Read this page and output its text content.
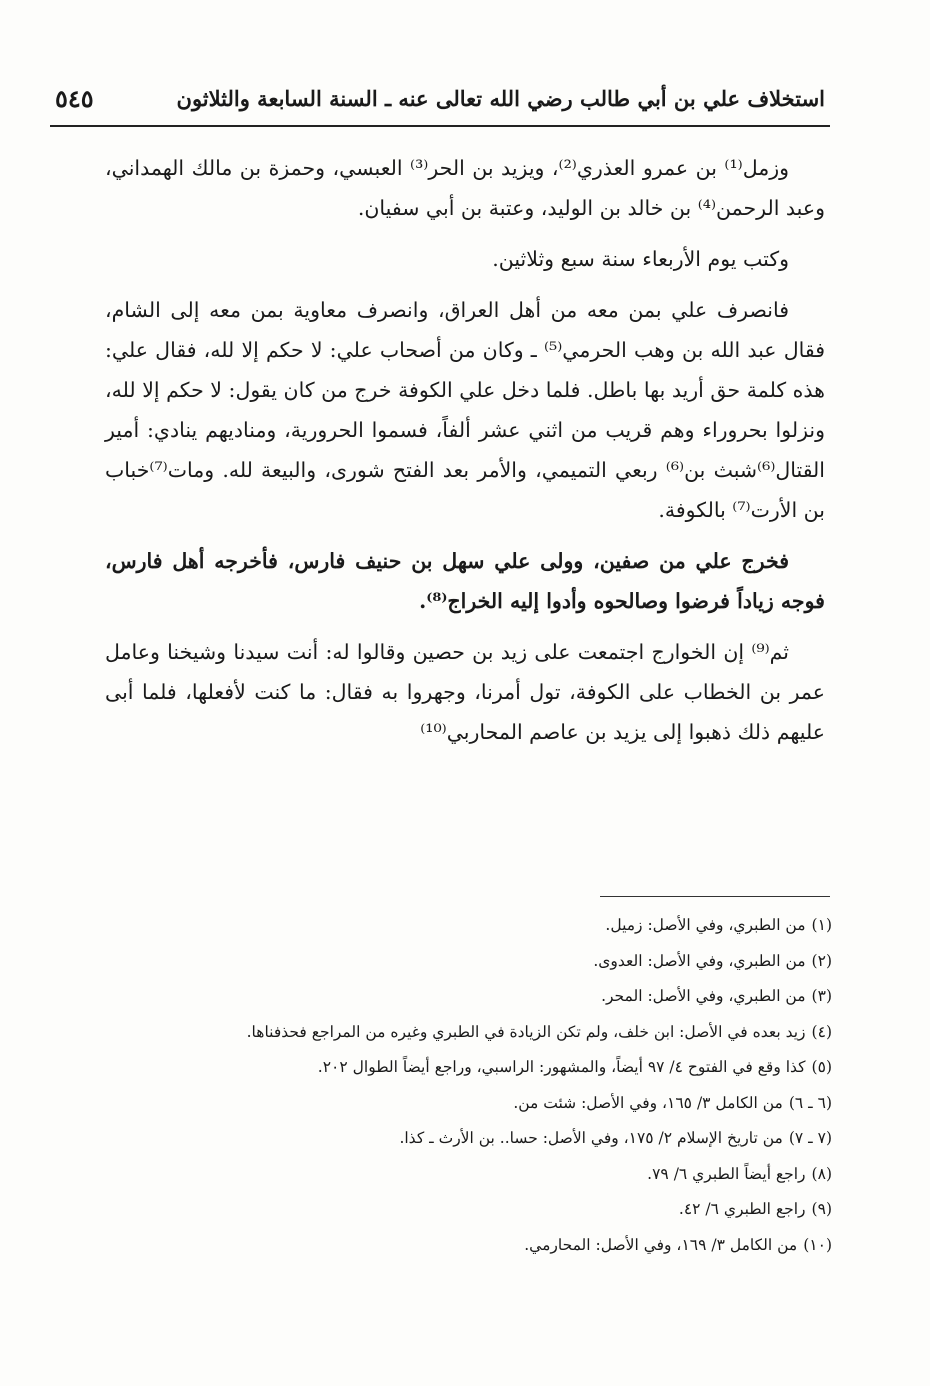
استخلاف علي بن أبي طالب رضي الله تعالى عنه ـ السنة السابعة والثلاثون
٥٤٥

وزمل⁽¹⁾ بن عمرو العذري⁽²⁾، ويزيد بن الحر⁽³⁾ العبسي، وحمزة بن مالك الهمداني، وعبد الرحمن⁽⁴⁾ بن خالد بن الوليد، وعتبة بن أبي سفيان.

وكتب يوم الأربعاء سنة سبع وثلاثين.

فانصرف علي بمن معه من أهل العراق، وانصرف معاوية بمن معه إلى الشام، فقال عبد الله بن وهب الحرمي⁽⁵⁾ ـ وكان من أصحاب علي: لا حكم إلا لله، فقال علي: هذه كلمة حق أريد بها باطل. فلما دخل علي الكوفة خرج من كان يقول: لا حكم إلا لله، ونزلوا بحروراء وهم قريب من اثني عشر ألفاً، فسموا الحرورية، ومناديهم ينادي: أمير القتال⁽⁶⁾شبث بن⁽⁶⁾ ربعي التميمي، والأمر بعد الفتح شورى، والبيعة لله. ومات⁽⁷⁾خباب بن الأرت⁽⁷⁾ بالكوفة.

فخرج علي من صفين، وولى علي سهل بن حنيف فارس، فأخرجه أهل فارس، فوجه زياداً فرضوا وصالحوه وأدوا إليه الخراج⁽⁸⁾.

ثم⁽⁹⁾ إن الخوارج اجتمعت على زيد بن حصين وقالوا له: أنت سيدنا وشيخنا وعامل عمر بن الخطاب على الكوفة، تول أمرنا، وجهروا به فقال: ما كنت لأفعلها، فلما أبى عليهم ذلك ذهبوا إلى يزيد بن عاصم المحاربي⁽¹⁰⁾

(١)من الطبري، وفي الأصل: زميل.
(٢)من الطبري، وفي الأصل: العدوى.
(٣)من الطبري، وفي الأصل: المحر.
(٤)زيد بعده في الأصل: ابن خلف، ولم تكن الزيادة في الطبري وغيره من المراجع فحذفناها.
(٥)كذا وقع في الفتوح ٤/ ٩٧ أيضاً، والمشهور: الراسبي، وراجع أيضاً الطوال ٢٠٢.
(٦ ـ ٦)من الكامل ٣/ ١٦٥، وفي الأصل: شئت من.
(٧ ـ ٧)من تاريخ الإسلام ٢/ ١٧٥، وفي الأصل: حسا.. بن الأرث ـ كذا.
(٨)راجع أيضاً الطبري ٦/ ٧٩.
(٩)راجع الطبري ٦/ ٤٢.
(١٠)من الكامل ٣/ ١٦٩، وفي الأصل: المحارمي.
